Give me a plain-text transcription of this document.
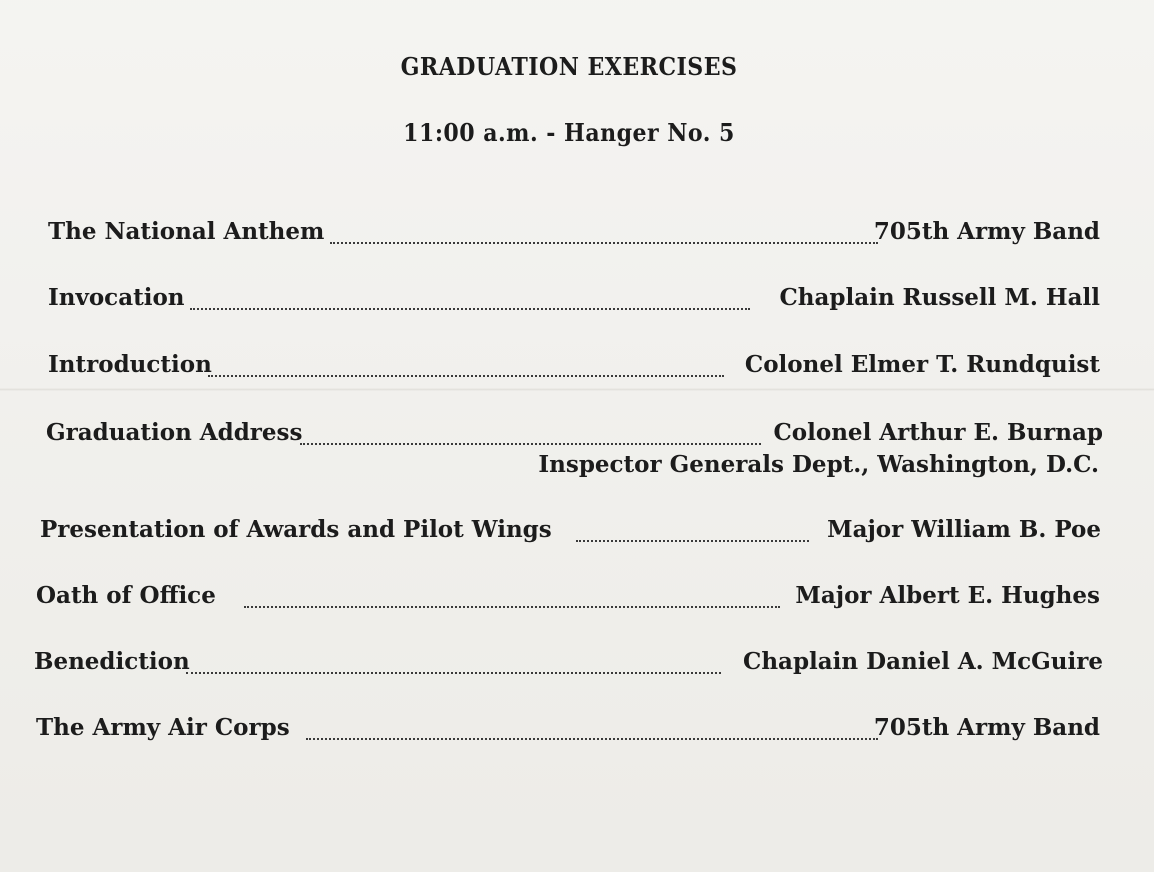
GRADUATION EXERCISES
11:00 a.m. - Hanger No. 5
The National Anthem	705th Army Band
Invocation	Chaplain Russell M. Hall
Introduction	Colonel Elmer T. Rundquist
Graduation Address	Colonel Arthur E. Burnap
Inspector Generals Dept., Washington, D.C.
Presentation of Awards and Pilot Wings	Major William B. Poe
Oath of Office	Major Albert E. Hughes
Benediction	Chaplain Daniel A. McGuire
The Army Air Corps	705th Army Band
